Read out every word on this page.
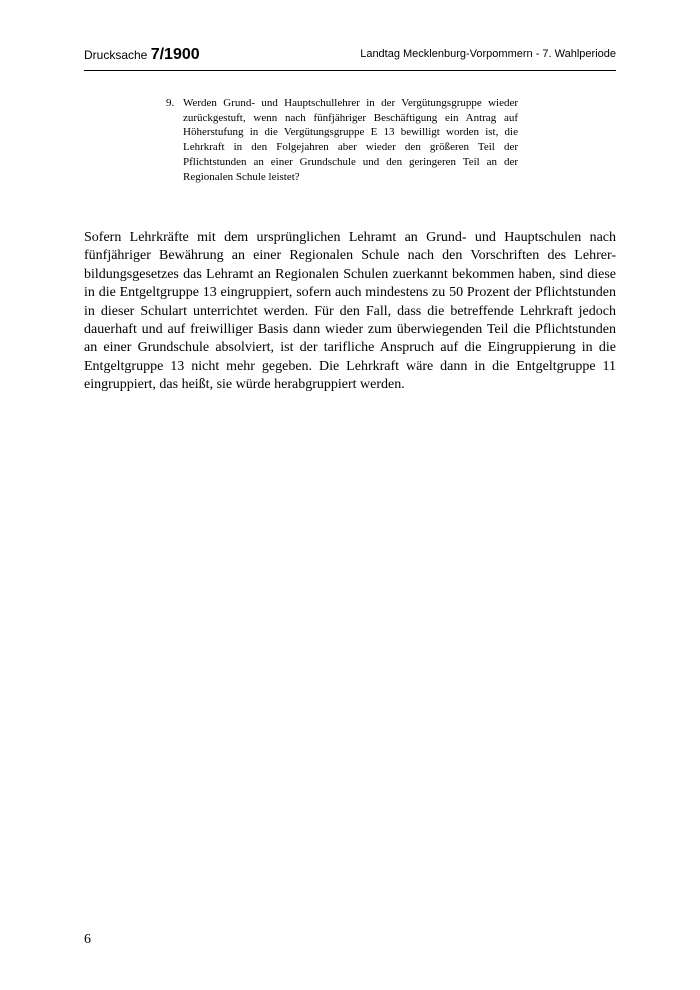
Drucksache 7/1900	Landtag Mecklenburg-Vorpommern - 7. Wahlperiode
9. Werden Grund- und Hauptschullehrer in der Vergütungsgruppe wieder zurückgestuft, wenn nach fünfjähriger Beschäftigung ein Antrag auf Höherstufung in die Vergütungsgruppe E 13 bewilligt worden ist, die Lehrkraft in den Folgejahren aber wieder den größeren Teil der Pflichtstunden an einer Grundschule und den geringeren Teil an der Regionalen Schule leistet?
Sofern Lehrkräfte mit dem ursprünglichen Lehramt an Grund- und Hauptschulen nach fünfjähriger Bewährung an einer Regionalen Schule nach den Vorschriften des Lehrer-bildungsgesetzes das Lehramt an Regionalen Schulen zuerkannt bekommen haben, sind diese in die Entgeltgruppe 13 eingruppiert, sofern auch mindestens zu 50 Prozent der Pflichtstunden in dieser Schulart unterrichtet werden. Für den Fall, dass die betreffende Lehrkraft jedoch dauerhaft und auf freiwilliger Basis dann wieder zum überwiegenden Teil die Pflichtstunden an einer Grundschule absolviert, ist der tarifliche Anspruch auf die Eingruppierung in die Entgeltgruppe 13 nicht mehr gegeben. Die Lehrkraft wäre dann in die Entgeltgruppe 11 eingruppiert, das heißt, sie würde herabgruppiert werden.
6
